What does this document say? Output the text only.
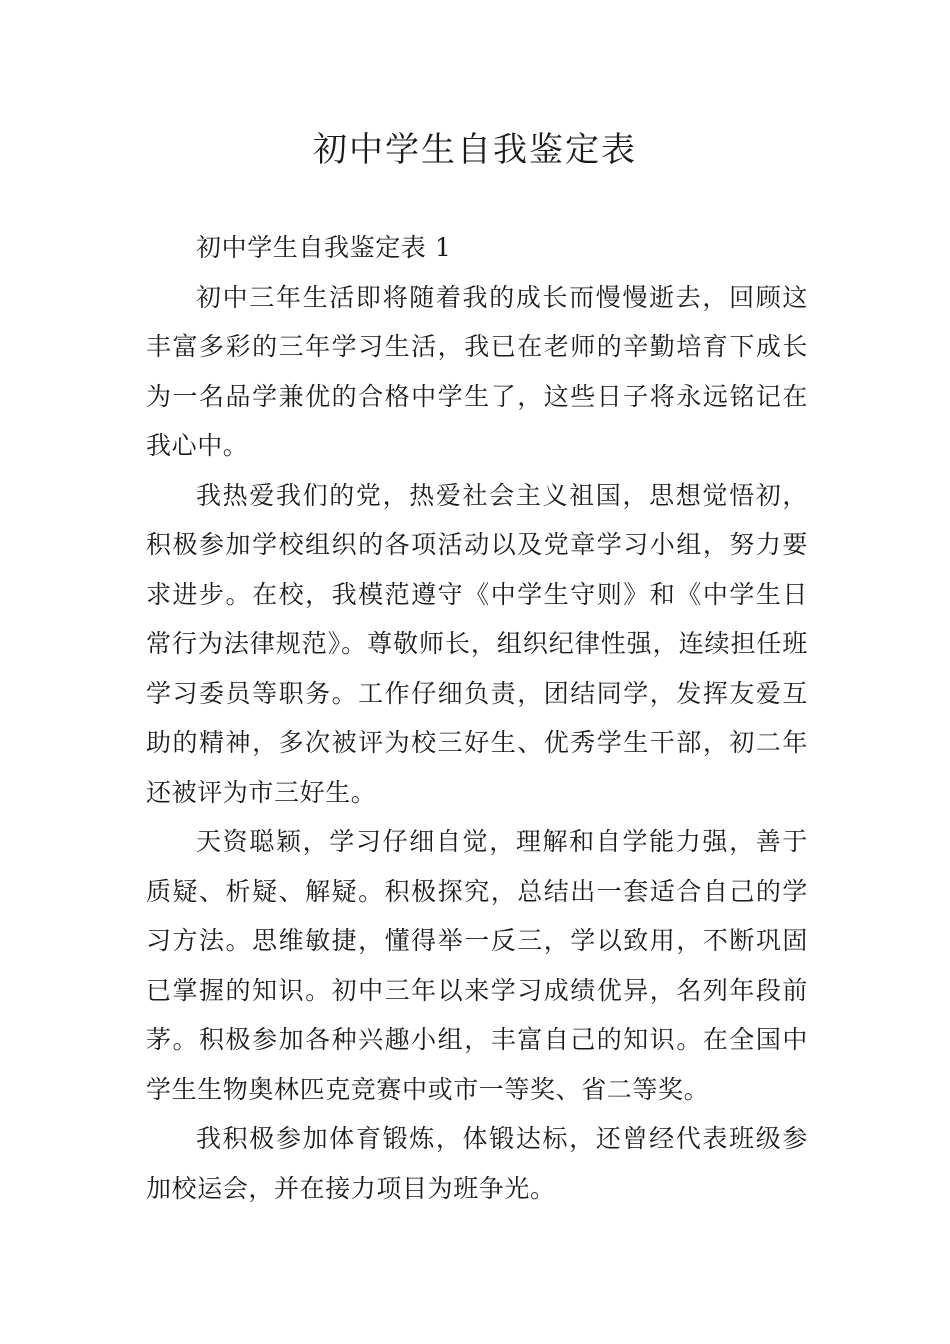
初中学生自我鉴定表

初中学生自我鉴定表 1

初中三年生活即将随着我的成长而慢慢逝去，回顾这丰富多彩的三年学习生活，我已在老师的辛勤培育下成长为一名品学兼优的合格中学生了，这些日子将永远铭记在我心中。

我热爱我们的党，热爱社会主义祖国，思想觉悟初，积极参加学校组织的各项活动以及党章学习小组，努力要求进步。在校，我模范遵守《中学生守则》和《中学生日常行为法律规范》。尊敬师长，组织纪律性强，连续担任班学习委员等职务。工作仔细负责，团结同学，发挥友爱互助的精神，多次被评为校三好生、优秀学生干部，初二年还被评为市三好生。

天资聪颖，学习仔细自觉，理解和自学能力强，善于质疑、析疑、解疑。积极探究，总结出一套适合自己的学习方法。思维敏捷，懂得举一反三，学以致用，不断巩固已掌握的知识。初中三年以来学习成绩优异，名列年段前茅。积极参加各种兴趣小组，丰富自己的知识。在全国中学生生物奥林匹克竞赛中或市一等奖、省二等奖。

我积极参加体育锻炼，体锻达标，还曾经代表班级参加校运会，并在接力项目为班争光。
